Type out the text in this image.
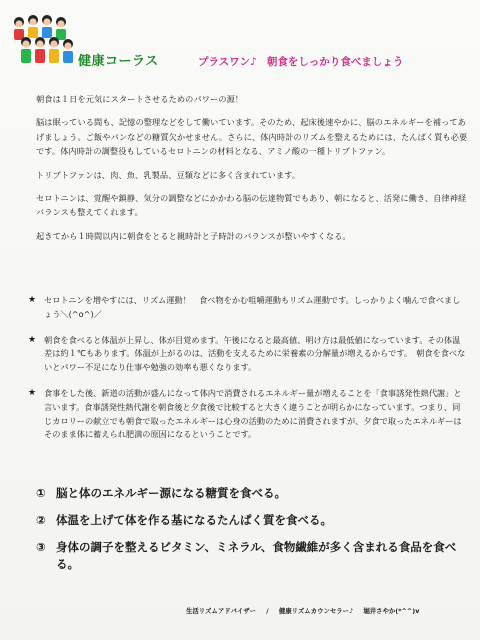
健康コーラス	プラスワン♪ 朝食をしっかり食べましょう

朝食は１日を元気にスタートさせるためのパワーの源！

脳は眠っている間も、記憶の整理などをして働いています。そのため、起床後速やかに、脳のエネルギーを補ってあげましょう。ご飯やパンなどの糖質欠かせません。さらに、体内時計のリズムを整えるためには、たんぱく質も必要です。体内時計の調整役もしているセロトニンの材料となる、アミノ酸の一種トリプトファン。

トリプトファンは、肉、魚、乳製品、豆類などに多く含まれています。

セロトニンは、覚醒や鎮静、気分の調整などにかかわる脳の伝達物質でもあり、朝になると、活発に働き、自律神経バランスも整えてくれます。

起きてから１時間以内に朝食をとると親時計と子時計のバランスが整いやすくなる。

★ セロトニンを増やすには、リズム運動！　食べ物をかむ咀嚼運動もリズム運動です。しっかりよく噛んで食べましょう＼(^o^)／
★ 朝食を食べると体温が上昇し、体が目覚めます。午後になると最高値、明け方は最低値になっています。その体温差は約１℃もあります。体温が上がるのは、活動を支えるために栄養素の分解量が増えるからです。　朝食を食べないとパワー不足になり仕事や勉強の効率も悪くなります。
★ 食事をした後、新道の活動が盛んになって体内で消費されるエネルギー量が増えることを「食事誘発性熱代謝」と言います。食事誘発性熱代謝を朝食後と夕食後で比較すると大きく違うことが明らかになっています。つまり、同じカロリーの献立でも朝食で取ったエネルギーは心身の活動のために消費されますが、夕食で取ったエネルギーはそのまま体に蓄えられ肥満の原因になるということです。
① 脳と体のエネルギー源になる糖質を食べる。
② 体温を上げて体を作る基になるたんぱく質を食べる。
③ 身体の調子を整えるビタミン、ミネラル、食物繊維が多く含まれる食品を食べる。
生活リズムアドバイザー / 健康リズムカウンセラー♪ 堀井さやか(*^^)v
